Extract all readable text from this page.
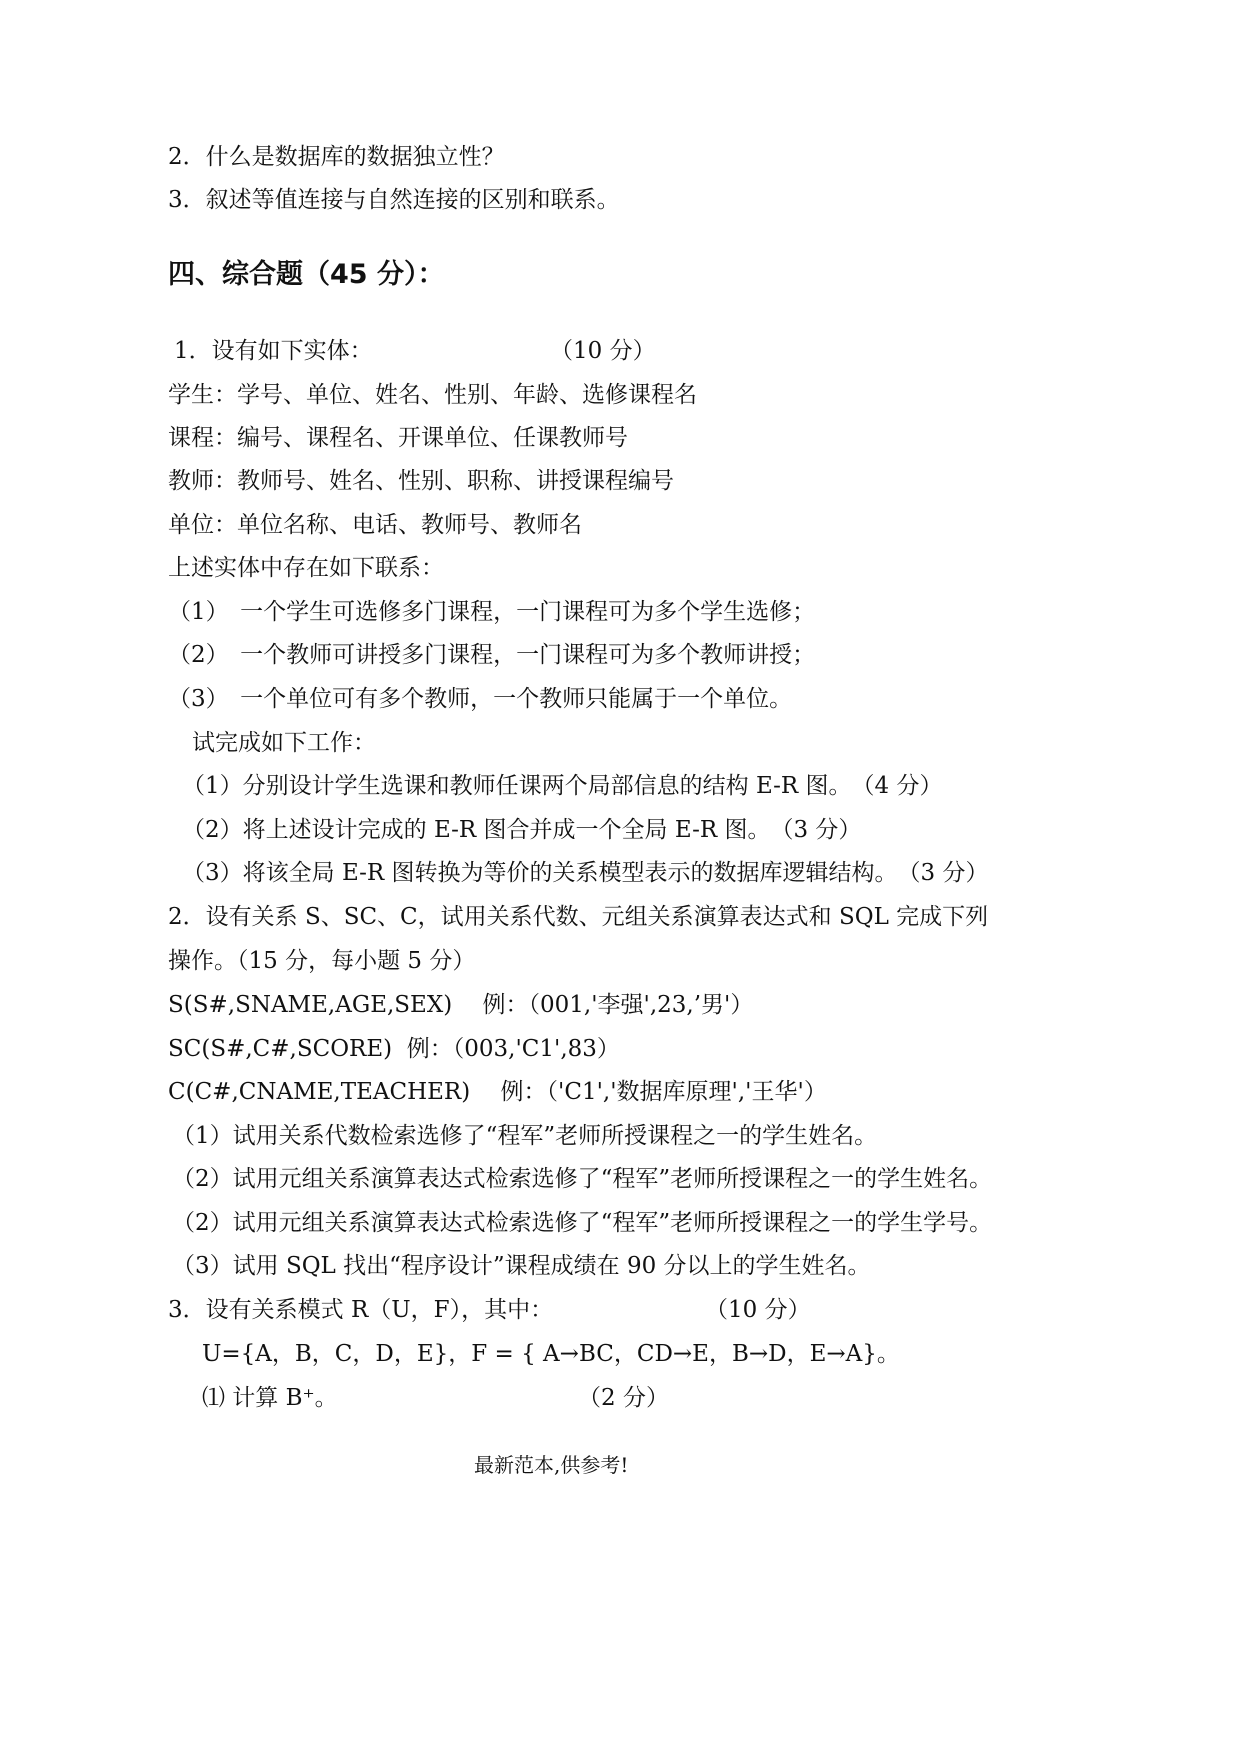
2．什么是数据库的数据独立性？
3．叙述等值连接与自然连接的区别和联系。
四、综合题（45 分）：
1．设有如下实体：	（10 分）
学生：学号、单位、姓名、性别、年龄、选修课程名
课程：编号、课程名、开课单位、任课教师号
教师：教师号、姓名、性别、职称、讲授课程编号
单位：单位名称、电话、教师号、教师名
上述实体中存在如下联系：
（1）　一个学生可选修多门课程，一门课程可为多个学生选修；
（2）　一个教师可讲授多门课程，一门课程可为多个教师讲授；
（3）　一个单位可有多个教师，一个教师只能属于一个单位。
试完成如下工作：
（1）分别设计学生选课和教师任课两个局部信息的结构 E-R 图。　（4 分）
（2）将上述设计完成的 E-R 图合并成一个全局 E-R 图。　（3 分）
（3）将该全局 E-R 图转换为等价的关系模型表示的数据库逻辑结构。　（3 分）
2．设有关系 S、SC、C，试用关系代数、元组关系演算表达式和 SQL 完成下列
操作。（15 分，每小题 5 分）
S(S#,SNAME,AGE,SEX)　 例：（001,'李强',23,’男'）
SC(S#,C#,SCORE)  例：（003,'C1',83）
C(C#,CNAME,TEACHER)　 例：（'C1','数据库原理','王华'）
（1）试用关系代数检索选修了“程军”老师所授课程之一的学生姓名。
（2）试用元组关系演算表达式检索选修了“程军”老师所授课程之一的学生姓名。
（2）试用元组关系演算表达式检索选修了“程军”老师所授课程之一的学生学号。
（3）试用 SQL 找出“程序设计”课程成绩在 90 分以上的学生姓名。
3．设有关系模式 R（U，F），其中：	（10 分）
U={A，B，C，D，E}，F = { A→BC，CD→E，B→D，E→A}。
⑴ 计算 B⁺。	（2 分）
最新范本,供参考!
